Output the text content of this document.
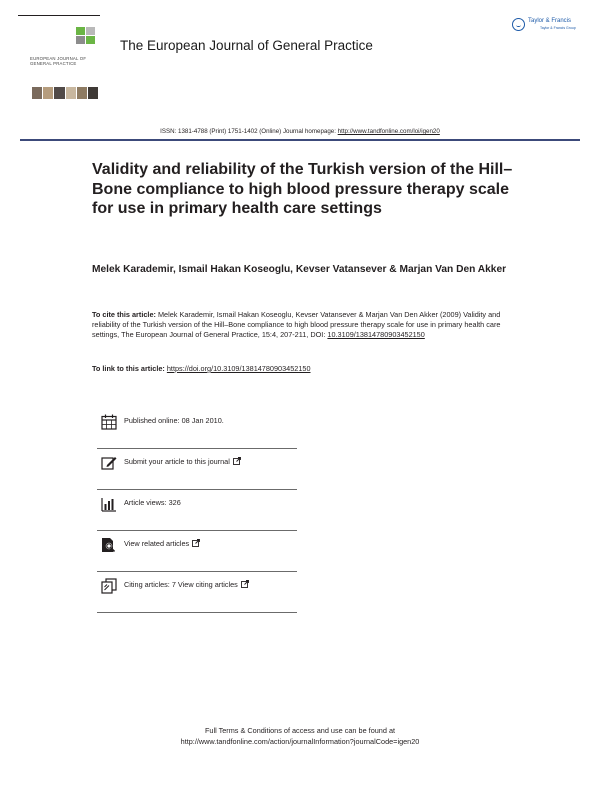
EUROPEAN JOURNAL OF
GENERAL PRACTICE
The European Journal of General Practice
Taylor & Francis
Taylor & Francis Group
ISSN: 1381-4788 (Print) 1751-1402 (Online) Journal homepage: http://www.tandfonline.com/loi/igen20
Validity and reliability of the Turkish version of the Hill–Bone compliance to high blood pressure therapy scale for use in primary health care settings
Melek Karademir, Ismail Hakan Koseoglu, Kevser Vatansever & Marjan Van Den Akker
To cite this article: Melek Karademir, Ismail Hakan Koseoglu, Kevser Vatansever & Marjan Van Den Akker (2009) Validity and reliability of the Turkish version of the Hill–Bone compliance to high blood pressure therapy scale for use in primary health care settings, The European Journal of General Practice, 15:4, 207-211, DOI: 10.3109/13814780903452150
To link to this article: https://doi.org/10.3109/13814780903452150
Published online: 08 Jan 2010.
Submit your article to this journal
Article views: 326
View related articles
Citing articles: 7 View citing articles
Full Terms & Conditions of access and use can be found at
http://www.tandfonline.com/action/journalInformation?journalCode=igen20
